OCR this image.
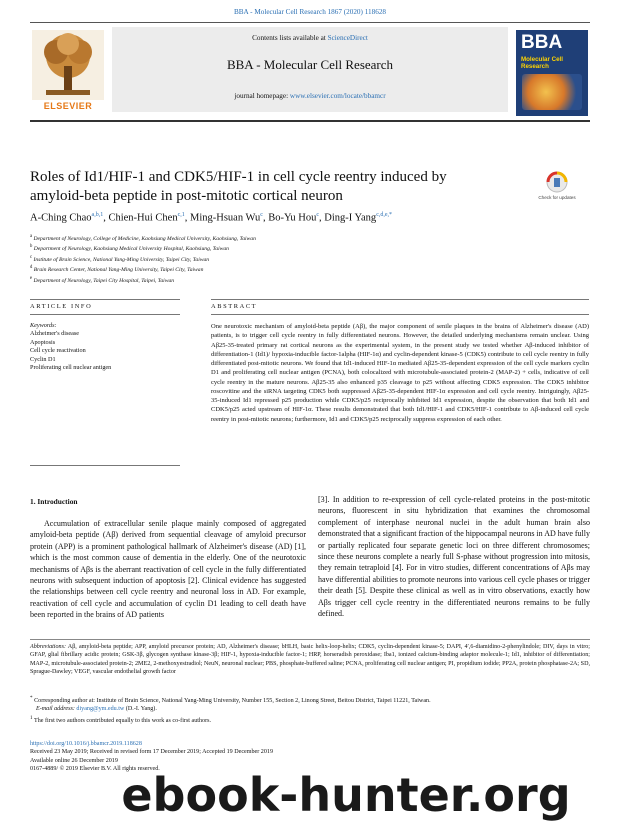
BBA - Molecular Cell Research 1867 (2020) 118628
ELSEVIER
Contents lists available at ScienceDirect
BBA - Molecular Cell Research
journal homepage: www.elsevier.com/locate/bbamcr
BBA
Molecular Cell Research
Roles of Id1/HIF-1 and CDK5/HIF-1 in cell cycle reentry induced by amyloid-beta peptide in post-mitotic cortical neuron	Check for updates
A-Ching Chao$^{a,b,1}$, Chien-Hui Chen$^{c,1}$, Ming-Hsuan Wu$^c$, Bo-Yu Hou$^c$, Ding-I Yang$^{c,d,e,*}$
$^a$ Department of Neurology, College of Medicine, Kaohsiung Medical University, Kaohsiung, Taiwan
$^b$ Department of Neurology, Kaohsiung Medical University Hospital, Kaohsiung, Taiwan
$^c$ Institute of Brain Science, National Yang-Ming University, Taipei City, Taiwan
$^d$ Brain Research Center, National Yang-Ming University, Taipei City, Taiwan
$^e$ Department of Neurology, Taipei City Hospital, Taipei, Taiwan
ARTICLE INFO	ABSTRACT
Keywords:
Alzheimer's disease
Apoptosis
Cell cycle reactivation
Cyclin D1
Proliferating cell nuclear antigen
One neurotoxic mechanism of amyloid-beta peptide (Aβ), the major component of senile plaques in the brains of Alzheimer's disease (AD) patients, is to trigger cell cycle reentry in fully differentiated neurons. However, the detailed underlying mechanisms remain unclear. Using Aβ25-35-treated primary rat cortical neurons as the experimental system, in the present study we tested whether Aβ-induced inhibitor of differentiation-1 (Id1)/ hypoxia-inducible factor-1alpha (HIF-1α) and cyclin-dependent kinase-5 (CDK5) contribute to cell cycle reentry in fully differentiated post-mitotic neurons. We found that Id1-induced HIF-1α mediated Aβ25-35-dependent expression of the cell cycle markers cyclin D1 and proliferating cell nuclear antigen (PCNA), both colocalized with microtubule-associated protein-2 (MAP-2) + cells, indicative of cell cycle reentry in the mature neurons. Aβ25-35 also enhanced p35 cleavage to p25 without affecting CDK5 expression. The CDK5 inhibitor roscovitine and the siRNA targeting CDK5 both suppressed Aβ25-35-dependent HIF-1α expression and cell cycle reentry. Intriguingly, Aβ25-35-induced Id1 repressed p25 production while CDK5/p25 reciprocally inhibited Id1 expression, despite the observation that both Id1 and CDK5/p25 acted upstream of HIF-1α. These results demonstrated that both Id1/HIF-1 and CDK5/HIF-1 contribute to Aβ-induced cell cycle reentry in post-mitotic neurons; furthermore, Id1 and CDK5/p25 reciprocally suppress expression of each other.
1. Introduction
Accumulation of extracellular senile plaque mainly composed of aggregated amyloid-beta peptide (Aβ) derived from sequential cleavage of amyloid precursor protein (APP) is a prominent pathological hallmark of Alzheimer's disease (AD) [1], which is the most common cause of dementia in the elderly. One of the neurotoxic mechanisms of Aβs is the aberrant reactivation of cell cycle in the fully differentiated neurons with subsequent induction of apoptosis [2]. Clinical evidence has suggested the relationships between cell cycle reentry and neuronal loss in AD. For example, reactivation of cell cycle and accumulation of cyclin D1 leading to cell death have been reported in the brains of AD patients
[3]. In addition to re-expression of cell cycle-related proteins in the post-mitotic neurons, fluorescent in situ hybridization that examines the chromosomal complement of interphase neuronal nuclei in the adult human brain also demonstrated that a significant fraction of the hippocampal neurons in AD have fully or partially replicated four separate genetic loci on three different chromosomes; since these neurons complete a nearly full S-phase without progression into mitosis, they remain tetraploid [4]. For in vitro studies, different concentrations of Aβs may have differential abilities to promote neurons into various cell cycle phases or trigger their death [5]. Despite these clinical as well as in vitro observations, exactly how Aβs trigger cell cycle reentry in the differentiated neurons remains to be fully defined.
Abbreviations: Aβ, amyloid-beta peptide; APP, amyloid precursor protein; AD, Alzheimer's disease; bHLH, basic helix-loop-helix; CDK5, cyclin-dependent kinase-5; DAPI, 4′,6-diamidino-2-phenylindole; DIV, days in vitro; GFAP, glial fibrillary acidic protein; GSK-3β, glycogen synthase kinase-3β; HIF-1, hypoxia-inducible factor-1; HRP, horseradish peroxidase; Iba1, ionized calcium-binding adaptor molecule-1; Id1, inhibitor of differentiation; MAP-2, microtubule-associated protein-2; 2ME2, 2-methoxyestradiol; NeuN, neuronal nuclear; PBS, phosphate-buffered saline; PCNA, proliferating cell nuclear antigen; PI, propidium iodide; PP2A, protein phosphatase-2A; SD, Sprague-Dawley; VEGF, vascular endothelial growth factor
* Corresponding author at: Institute of Brain Science, National Yang-Ming University, Number 155, Section 2, Linong Street, Beitou District, Taipei 11221, Taiwan.
E-mail address: diyang@ym.edu.tw (D.-I. Yang).
$^1$ The first two authors contributed equally to this work as co-first authors.
https://doi.org/10.1016/j.bbamcr.2019.118628
Received 23 May 2019; Received in revised form 17 December 2019; Accepted 19 December 2019
Available online 26 December 2019
0167-4889/ © 2019 Elsevier B.V. All rights reserved.
ebook-hunter.org
